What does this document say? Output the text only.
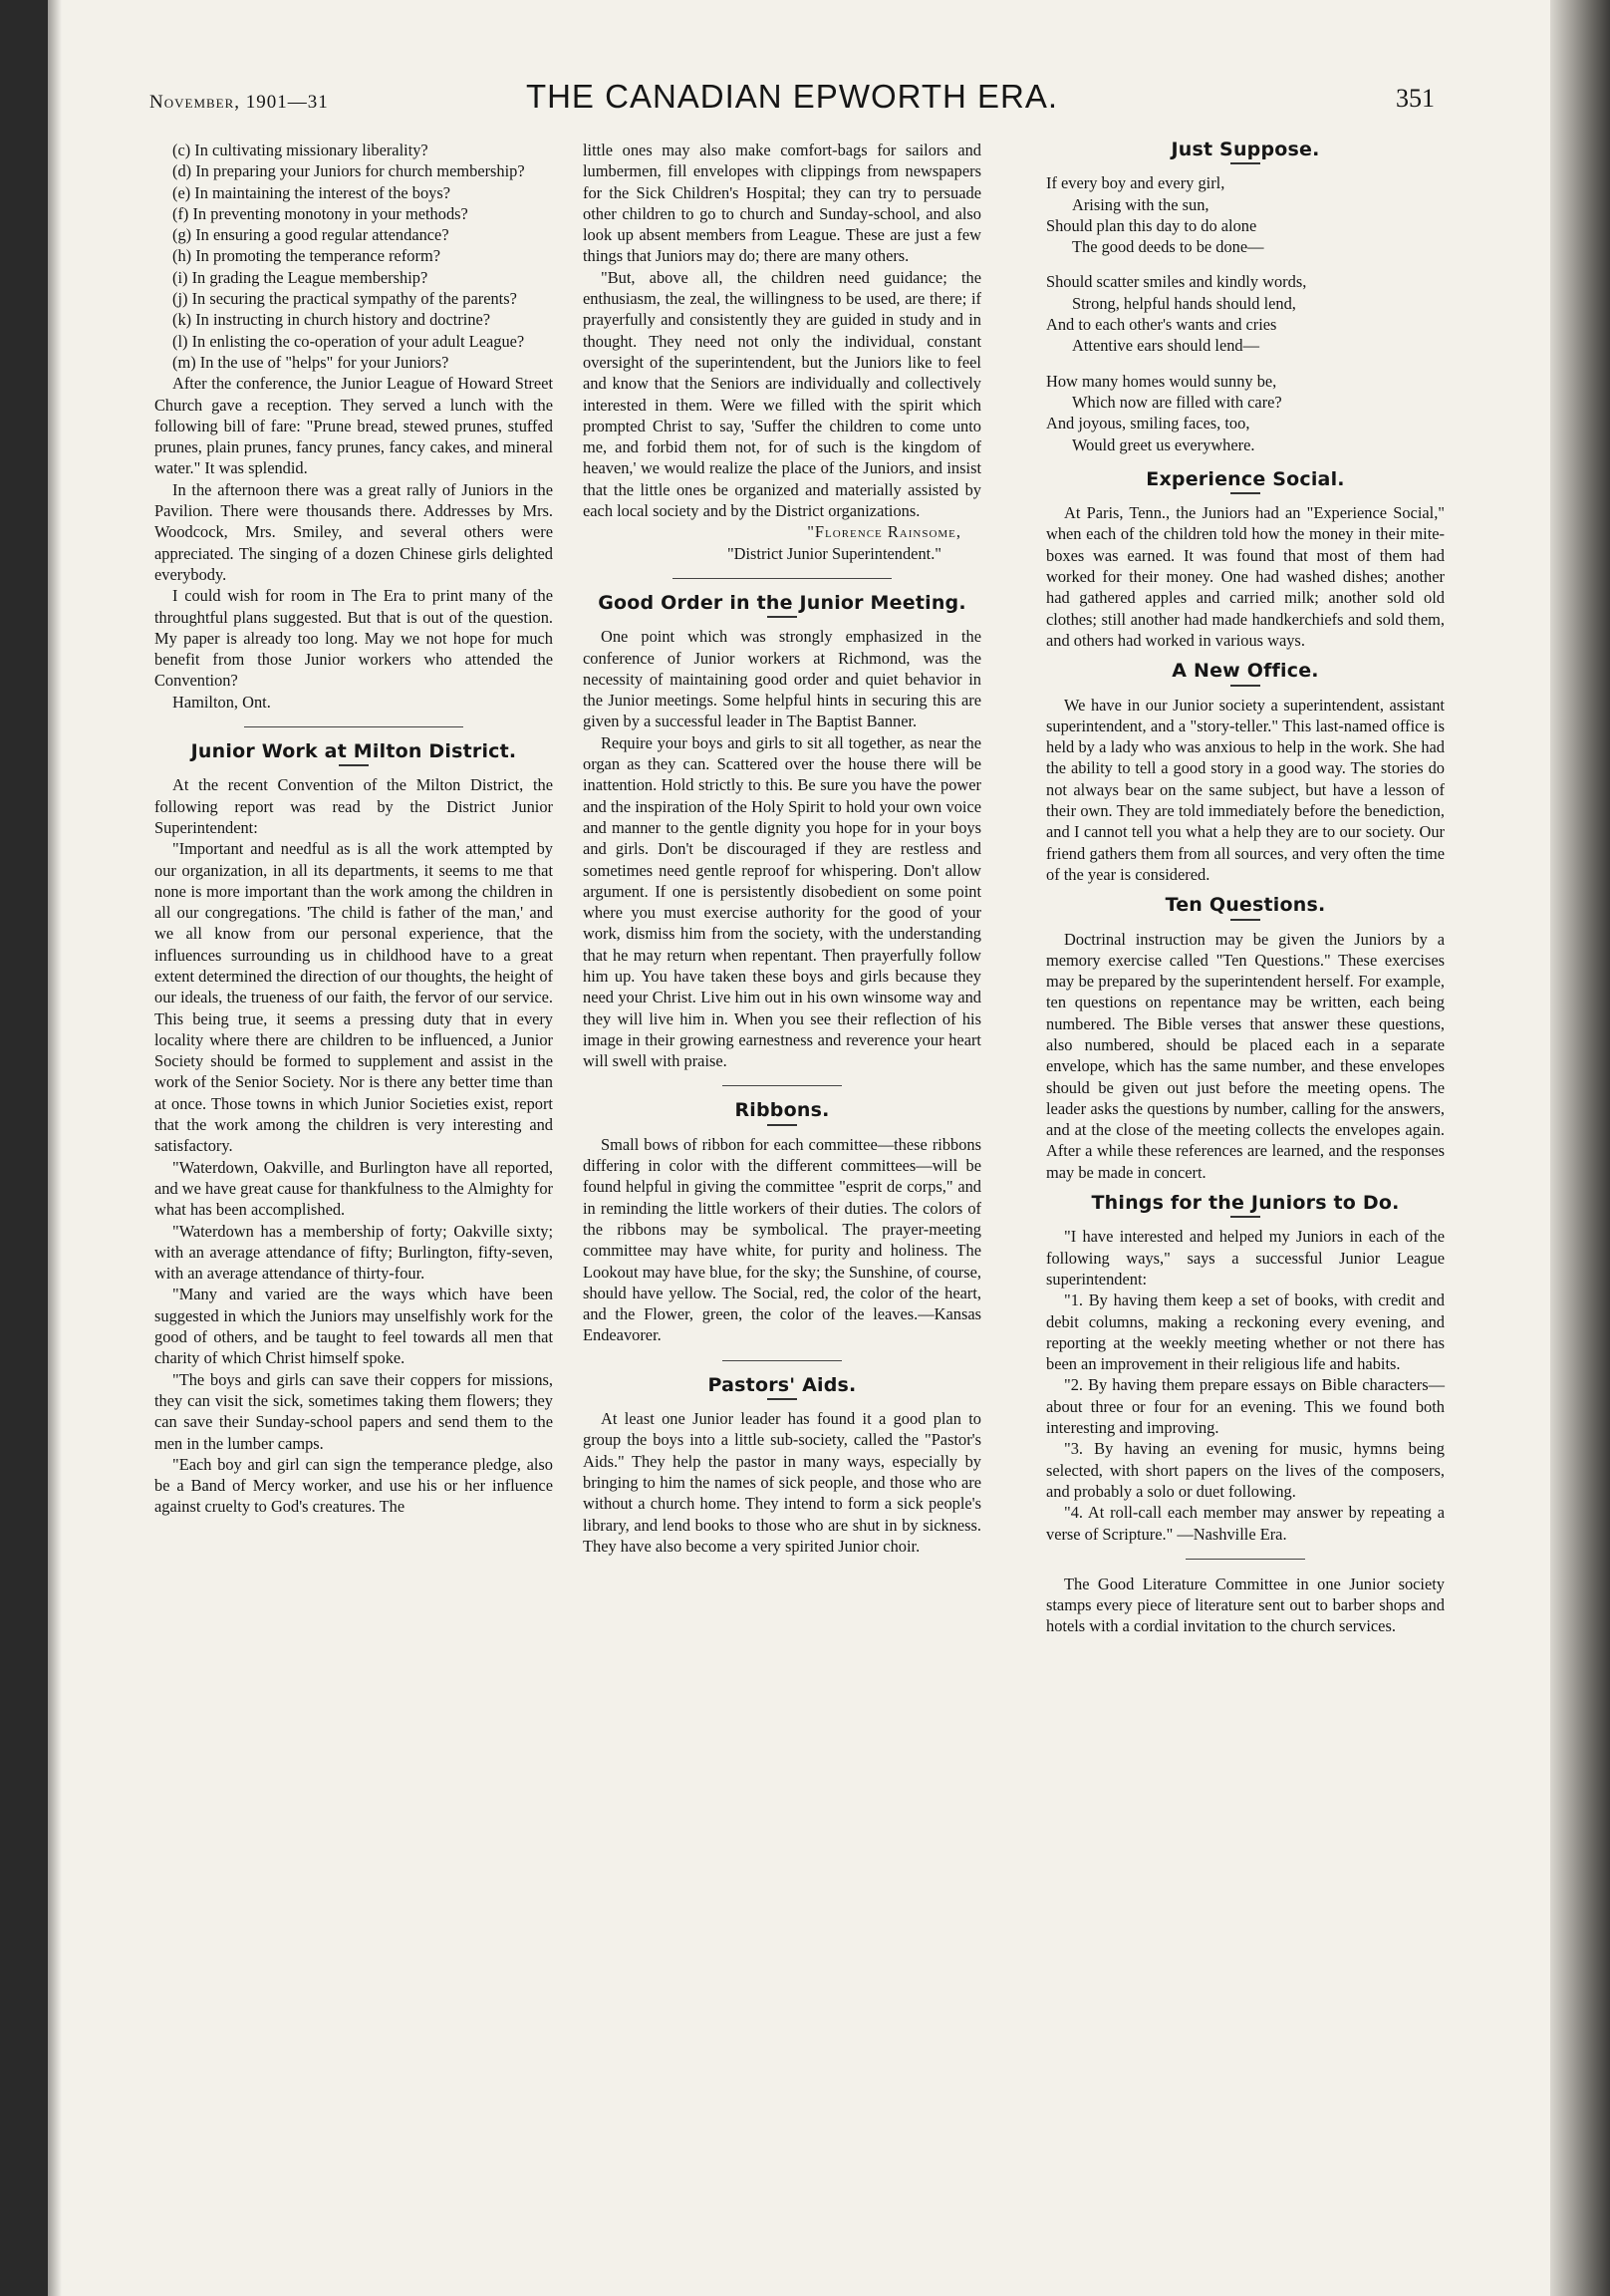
November, 1901—31	THE CANADIAN EPWORTH ERA.	351

(c) In cultivating missionary liberality?

(d) In preparing your Juniors for church membership?

(e) In maintaining the interest of the boys?

(f) In preventing monotony in your methods?

(g) In ensuring a good regular attendance?

(h) In promoting the temperance reform?

(i) In grading the League membership?

(j) In securing the practical sympathy of the parents?

(k) In instructing in church history and doctrine?

(l) In enlisting the co-operation of your adult League?

(m) In the use of "helps" for your Juniors?

After the conference, the Junior League of Howard Street Church gave a reception. They served a lunch with the following bill of fare: "Prune bread, stewed prunes, stuffed prunes, plain prunes, fancy prunes, fancy cakes, and mineral water." It was splendid.

In the afternoon there was a great rally of Juniors in the Pavilion. There were thousands there. Addresses by Mrs. Woodcock, Mrs. Smiley, and several others were appreciated. The singing of a dozen Chinese girls delighted everybody.

I could wish for room in The Era to print many of the throughtful plans suggested. But that is out of the question. My paper is already too long. May we not hope for much benefit from those Junior workers who attended the Convention?

Hamilton, Ont.

Junior Work at Milton District.

At the recent Convention of the Milton District, the following report was read by the District Junior Superintendent:

"Important and needful as is all the work attempted by our organization, in all its departments, it seems to me that none is more important than the work among the children in all our congregations. 'The child is father of the man,' and we all know from our personal experience, that the influences surrounding us in childhood have to a great extent determined the direction of our thoughts, the height of our ideals, the trueness of our faith, the fervor of our service. This being true, it seems a pressing duty that in every locality where there are children to be influenced, a Junior Society should be formed to supplement and assist in the work of the Senior Society. Nor is there any better time than at once. Those towns in which Junior Societies exist, report that the work among the children is very interesting and satisfactory.

"Waterdown, Oakville, and Burlington have all reported, and we have great cause for thankfulness to the Almighty for what has been accomplished.

"Waterdown has a membership of forty; Oakville sixty; with an average attendance of fifty; Burlington, fifty-seven, with an average attendance of thirty-four.

"Many and varied are the ways which have been suggested in which the Juniors may unselfishly work for the good of others, and be taught to feel towards all men that charity of which Christ himself spoke.

"The boys and girls can save their coppers for missions, they can visit the sick, sometimes taking them flowers; they can save their Sunday-school papers and send them to the men in the lumber camps.

"Each boy and girl can sign the temperance pledge, also be a Band of Mercy worker, and use his or her influence against cruelty to God's creatures. The

little ones may also make comfort-bags for sailors and lumbermen, fill envelopes with clippings from newspapers for the Sick Children's Hospital; they can try to persuade other children to go to church and Sunday-school, and also look up absent members from League. These are just a few things that Juniors may do; there are many others.

"But, above all, the children need guidance; the enthusiasm, the zeal, the willingness to be used, are there; if prayerfully and consistently they are guided in study and in thought. They need not only the individual, constant oversight of the superintendent, but the Juniors like to feel and know that the Seniors are individually and collectively interested in them. Were we filled with the spirit which prompted Christ to say, 'Suffer the children to come unto me, and forbid them not, for of such is the kingdom of heaven,' we would realize the place of the Juniors, and insist that the little ones be organized and materially assisted by each local society and by the District organizations.

"Florence Rainsome,

"District Junior Superintendent."

Good Order in the Junior Meeting.

One point which was strongly emphasized in the conference of Junior workers at Richmond, was the necessity of maintaining good order and quiet behavior in the Junior meetings. Some helpful hints in securing this are given by a successful leader in The Baptist Banner.

Require your boys and girls to sit all together, as near the organ as they can. Scattered over the house there will be inattention. Hold strictly to this. Be sure you have the power and the inspiration of the Holy Spirit to hold your own voice and manner to the gentle dignity you hope for in your boys and girls. Don't be discouraged if they are restless and sometimes need gentle reproof for whispering. Don't allow argument. If one is persistently disobedient on some point where you must exercise authority for the good of your work, dismiss him from the society, with the understanding that he may return when repentant. Then prayerfully follow him up. You have taken these boys and girls because they need your Christ. Live him out in his own winsome way and they will live him in. When you see their reflection of his image in their growing earnestness and reverence your heart will swell with praise.

Ribbons.

Small bows of ribbon for each committee—these ribbons differing in color with the different committees—will be found helpful in giving the committee "esprit de corps," and in reminding the little workers of their duties. The colors of the ribbons may be symbolical. The prayer-meeting committee may have white, for purity and holiness. The Lookout may have blue, for the sky; the Sunshine, of course, should have yellow. The Social, red, the color of the heart, and the Flower, green, the color of the leaves.—Kansas Endeavorer.

Pastors' Aids.

At least one Junior leader has found it a good plan to group the boys into a little sub-society, called the "Pastor's Aids." They help the pastor in many ways, especially by bringing to him the names of sick people, and those who are without a church home. They intend to form a sick people's library, and lend books to those who are shut in by sickness. They have also become a very spirited Junior choir.

Just Suppose.

If every boy and every girl,

Arising with the sun,

Should plan this day to do alone

The good deeds to be done—

Should scatter smiles and kindly words,

Strong, helpful hands should lend,

And to each other's wants and cries

Attentive ears should lend—

How many homes would sunny be,

Which now are filled with care?

And joyous, smiling faces, too,

Would greet us everywhere.

Experience Social.

At Paris, Tenn., the Juniors had an "Experience Social," when each of the children told how the money in their mite-boxes was earned. It was found that most of them had worked for their money. One had washed dishes; another had gathered apples and carried milk; another sold old clothes; still another had made handkerchiefs and sold them, and others had worked in various ways.

A New Office.

We have in our Junior society a superintendent, assistant superintendent, and a "story-teller." This last-named office is held by a lady who was anxious to help in the work. She had the ability to tell a good story in a good way. The stories do not always bear on the same subject, but have a lesson of their own. They are told immediately before the benediction, and I cannot tell you what a help they are to our society. Our friend gathers them from all sources, and very often the time of the year is considered.

Ten Questions.

Doctrinal instruction may be given the Juniors by a memory exercise called "Ten Questions." These exercises may be prepared by the superintendent herself. For example, ten questions on repentance may be written, each being numbered. The Bible verses that answer these questions, also numbered, should be placed each in a separate envelope, which has the same number, and these envelopes should be given out just before the meeting opens. The leader asks the questions by number, calling for the answers, and at the close of the meeting collects the envelopes again. After a while these references are learned, and the responses may be made in concert.

Things for the Juniors to Do.

"I have interested and helped my Juniors in each of the following ways," says a successful Junior League superintendent:

"1. By having them keep a set of books, with credit and debit columns, making a reckoning every evening, and reporting at the weekly meeting whether or not there has been an improvement in their religious life and habits.

"2. By having them prepare essays on Bible characters—about three or four for an evening. This we found both interesting and improving.

"3. By having an evening for music, hymns being selected, with short papers on the lives of the composers, and probably a solo or duet following.

"4. At roll-call each member may answer by repeating a verse of Scripture." —Nashville Era.

The Good Literature Committee in one Junior society stamps every piece of literature sent out to barber shops and hotels with a cordial invitation to the church services.
